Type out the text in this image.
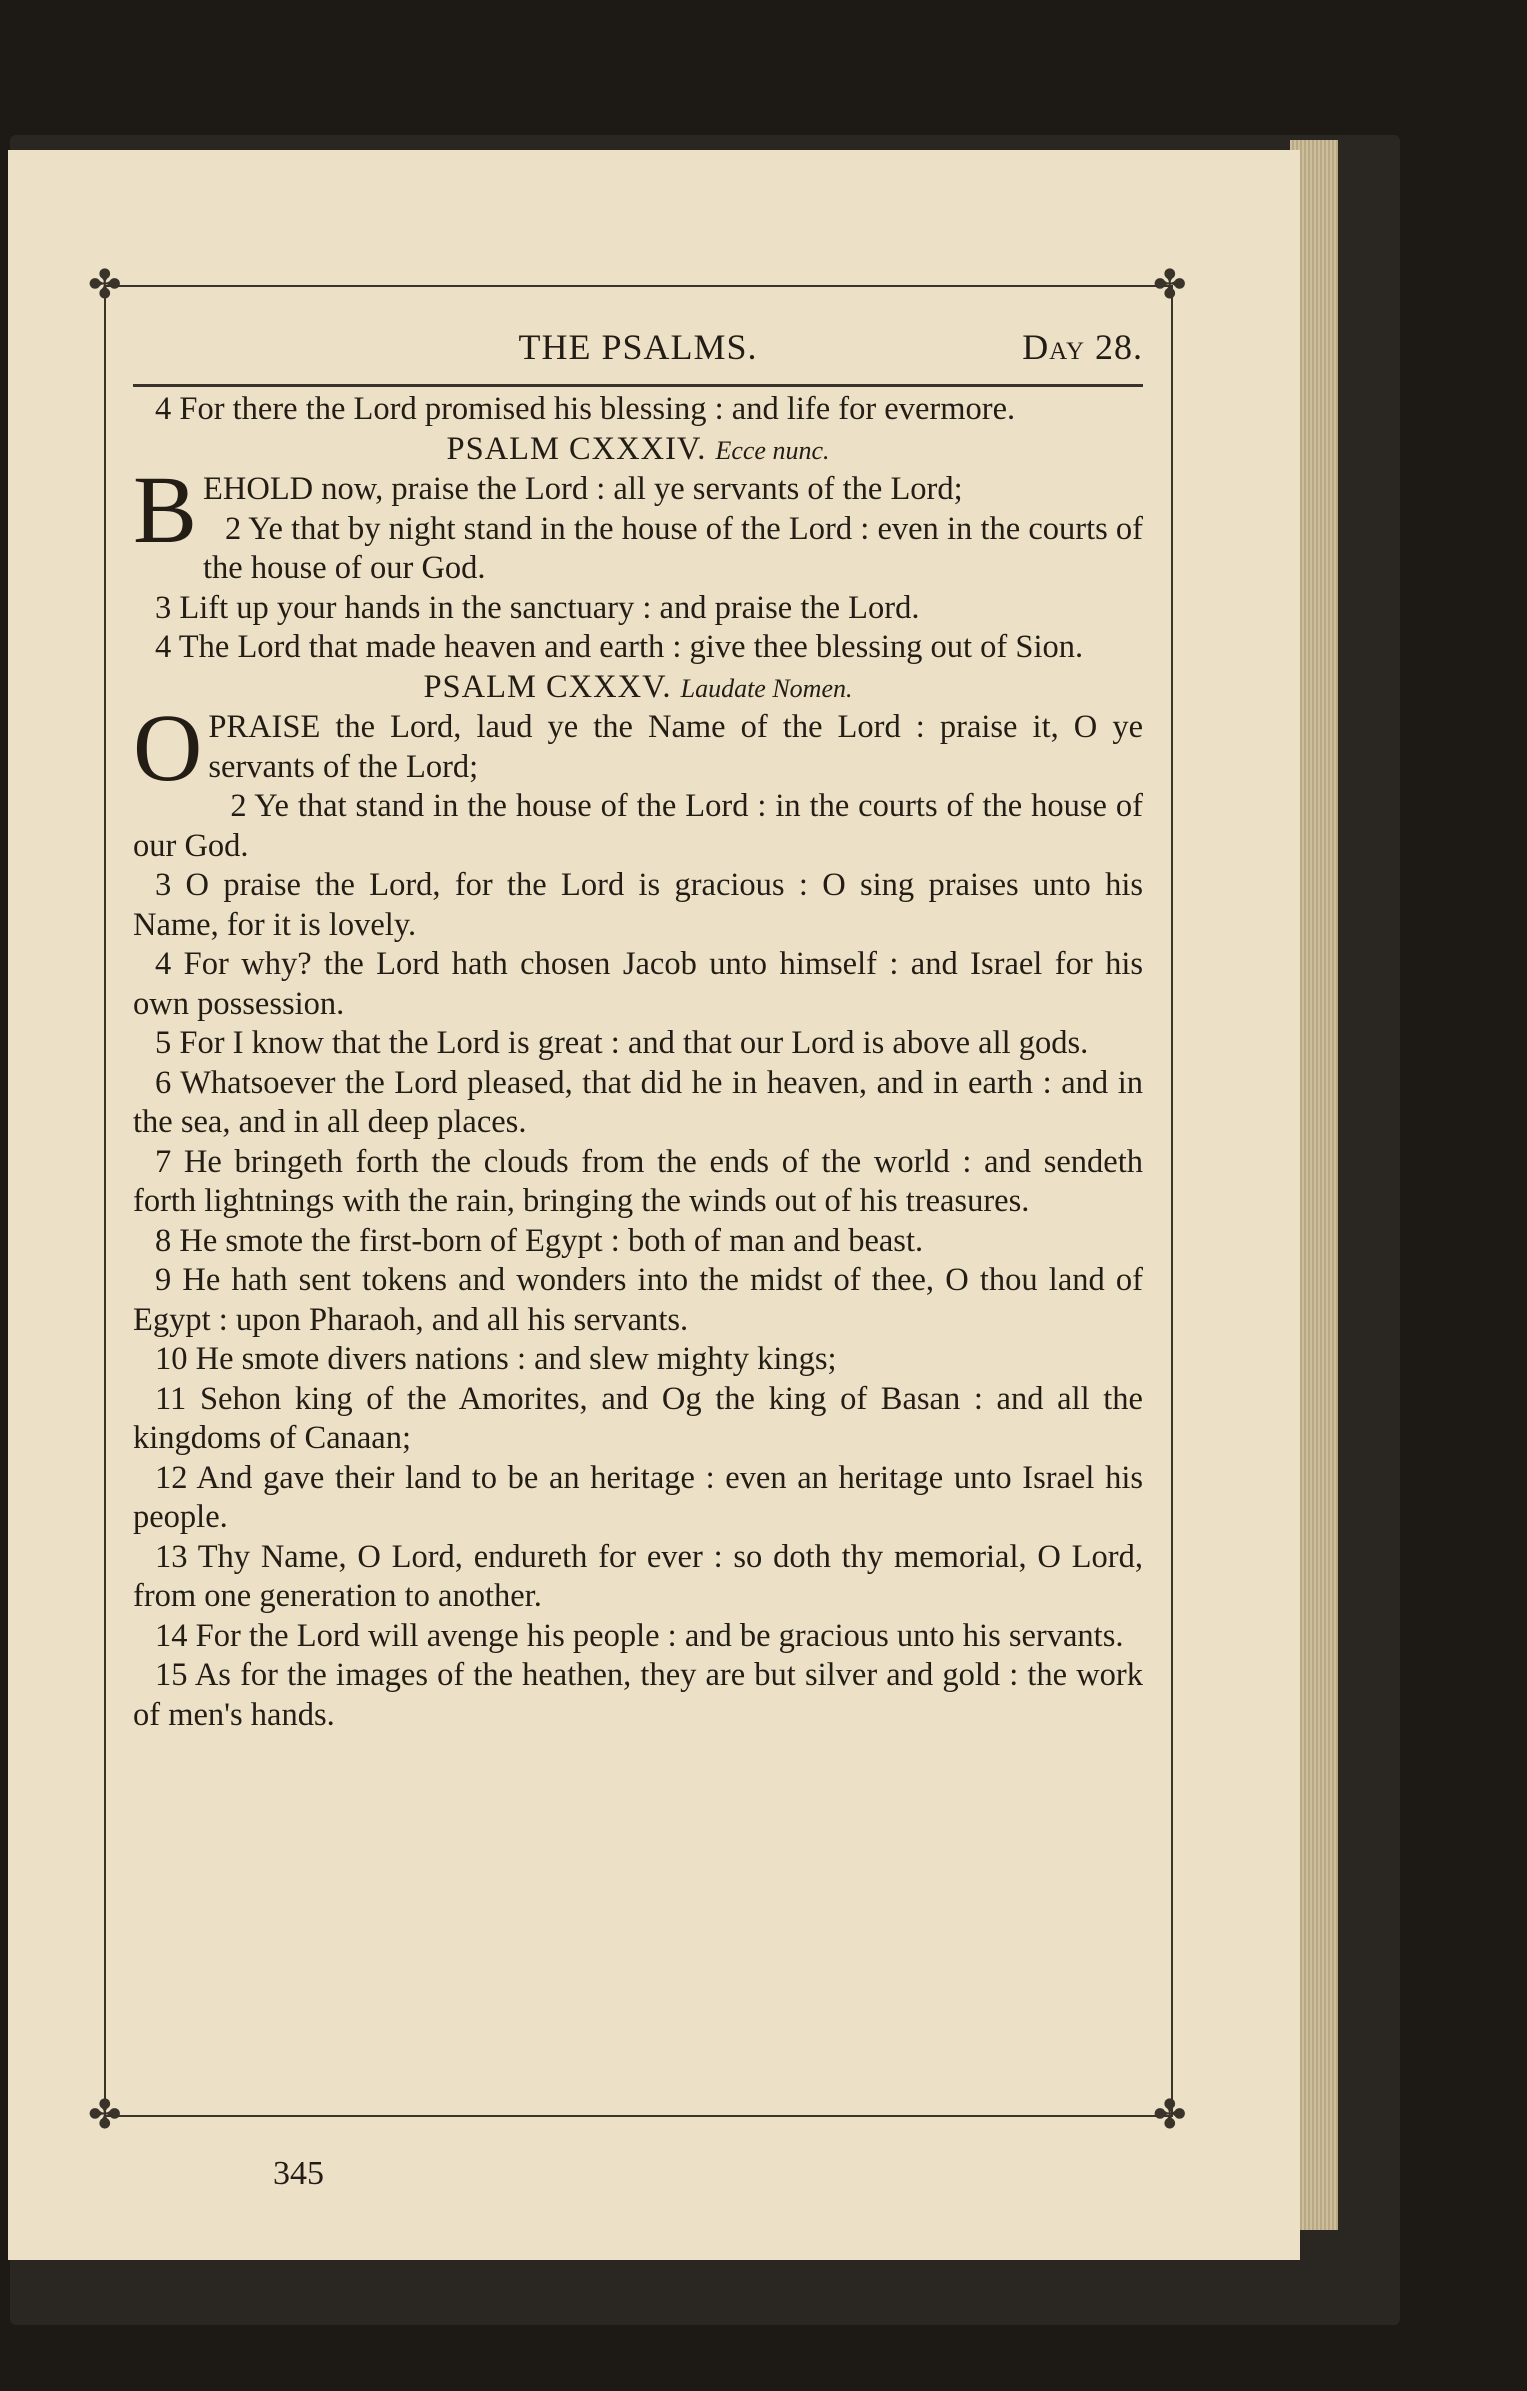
✤	✤
✤	✤
THE PSALMS.	Day 28.

4 For there the Lord promised his blessing : and life for evermore.

PSALM CXXXIV. Ecce nunc.

BEHOLD now, praise the Lord : all ye servants of the Lord;

2 Ye that by night stand in the house of the Lord : even in the courts of the house of our God.

3 Lift up your hands in the sanctuary : and praise the Lord.

4 The Lord that made heaven and earth : give thee blessing out of Sion.

PSALM CXXXV. Laudate Nomen.

OPRAISE the Lord, laud ye the Name of the Lord : praise it, O ye servants of the Lord;

2 Ye that stand in the house of the Lord : in the courts of the house of our God.

3 O praise the Lord, for the Lord is gracious : O sing praises unto his Name, for it is lovely.

4 For why? the Lord hath chosen Jacob unto himself : and Israel for his own possession.

5 For I know that the Lord is great : and that our Lord is above all gods.

6 Whatsoever the Lord pleased, that did he in heaven, and in earth : and in the sea, and in all deep places.

7 He bringeth forth the clouds from the ends of the world : and sendeth forth lightnings with the rain, bringing the winds out of his treasures.

8 He smote the first-born of Egypt : both of man and beast.

9 He hath sent tokens and wonders into the midst of thee, O thou land of Egypt : upon Pharaoh, and all his servants.

10 He smote divers nations : and slew mighty kings;

11 Sehon king of the Amorites, and Og the king of Basan : and all the kingdoms of Canaan;

12 And gave their land to be an heritage : even an heritage unto Israel his people.

13 Thy Name, O Lord, endureth for ever : so doth thy memorial, O Lord, from one generation to another.

14 For the Lord will avenge his people : and be gracious unto his servants.

15 As for the images of the heathen, they are but silver and gold : the work of men's hands.

345
